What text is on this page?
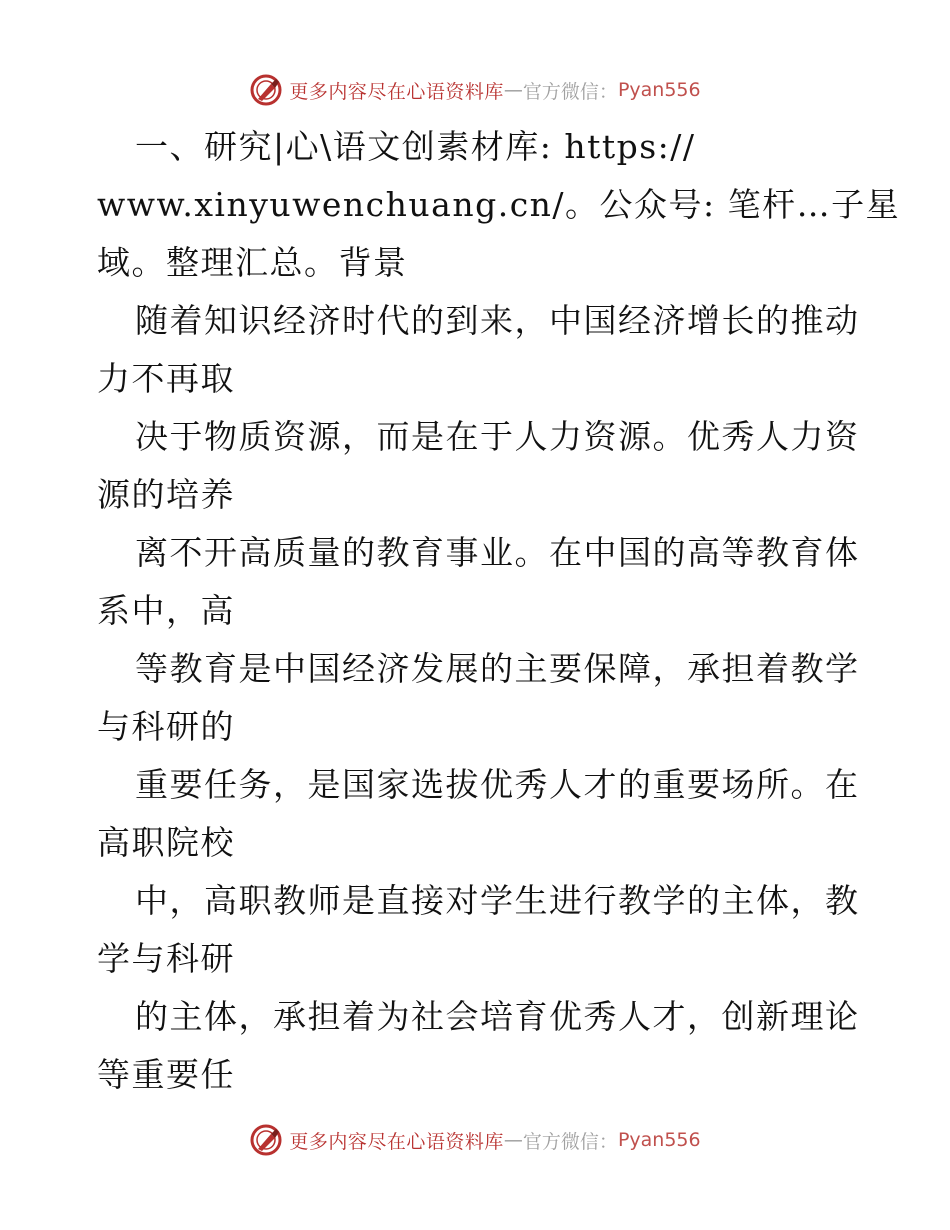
更多内容尽在心语资料库 — 官方微信： Pyan556
一、研究|心\语文创素材库: https://
www.xinyuwenchuang.cn/。公众号: 笔杆…子星
域。整理汇总。背景
随着知识经济时代的到来，中国经济增长的推动
力不再取
决于物质资源，而是在于人力资源。优秀人力资
源的培养
离不开高质量的教育事业。在中国的高等教育体
系中，高
等教育是中国经济发展的主要保障，承担着教学
与科研的
重要任务，是国家选拔优秀人才的重要场所。在
高职院校
中，高职教师是直接对学生进行教学的主体，教
学与科研
的主体，承担着为社会培育优秀人才，创新理论
等重要任
更多内容尽在心语资料库 — 官方微信： Pyan556
